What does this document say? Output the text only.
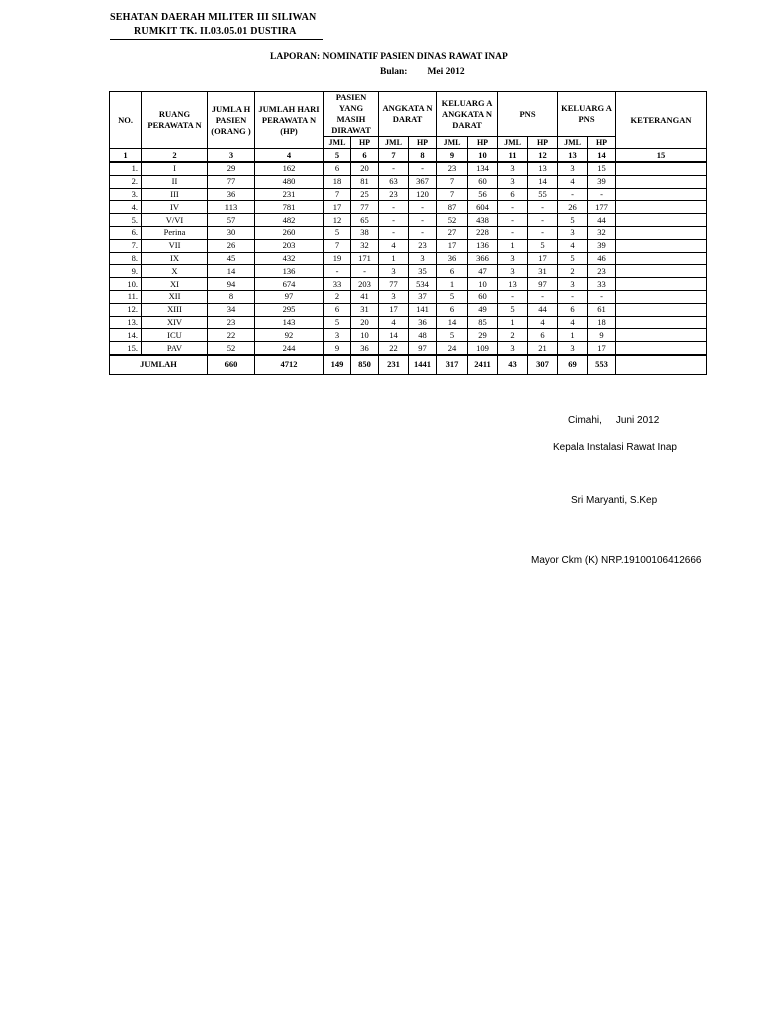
SEHATAN DAERAH MILITER III SILIWAN
RUMKIT TK. II.03.05.01 DUSTIRA
LAPORAN: NOMINATIF PASIEN DINAS RAWAT INAP
Bulan: Mei 2012
NO.	RUANG PERAWATA N	JUMLA H PASIEN (ORANG )	JUMLAH HARI PERAWATA N (HP)	PASIEN YANG MASIH DIRAWAT		ANGKATA N DARAT		KELUARG A ANGKATA N DARAT		PNS		KELUARG A PNS		KETERANGAN
				JML	HP	JML	HP	JML	HP	JML	HP	JML	HP	
1	2	3	4	5	6	7	8	9	10	11	12	13	14	15
1.	I	29	162	6	20	-	-	23	134	3	13	3	15	
2.	II	77	480	18	81	63	367	7	60	3	14	4	39	
3.	III	36	231	7	25	23	120	7	56	6	55	-	-	
4.	IV	113	781	17	77	-	-	87	604	-	-	26	177	
5.	V/VI	57	482	12	65	-	-	52	438	-	-	5	44	
6.	Perina	30	260	5	38	-	-	27	228	-	-	3	32	
7.	VII	26	203	7	32	4	23	17	136	1	5	4	39	
8.	IX	45	432	19	171	1	3	36	366	3	17	5	46	
9.	X	14	136	-	-	3	35	6	47	3	31	2	23	
10.	XI	94	674	33	203	77	534	1	10	13	97	3	33	
11.	XII	8	97	2	41	3	37	5	60	-	-	-	-	
12.	XIII	34	295	6	31	17	141	6	49	5	44	6	61	
13.	XIV	23	143	5	20	4	36	14	85	1	4	4	18	
14.	ICU	22	92	3	10	14	48	5	29	2	6	1	9	
15.	PAV	52	244	9	36	22	97	24	109	3	21	3	17	
JUMLAH		660	4712	149	850	231	1441	317	2411	43	307	69	553	
Cimahi, Juni 2012
Kepala Instalasi Rawat Inap
Sri Maryanti, S.Kep
Mayor Ckm (K) NRP.19100106412666
